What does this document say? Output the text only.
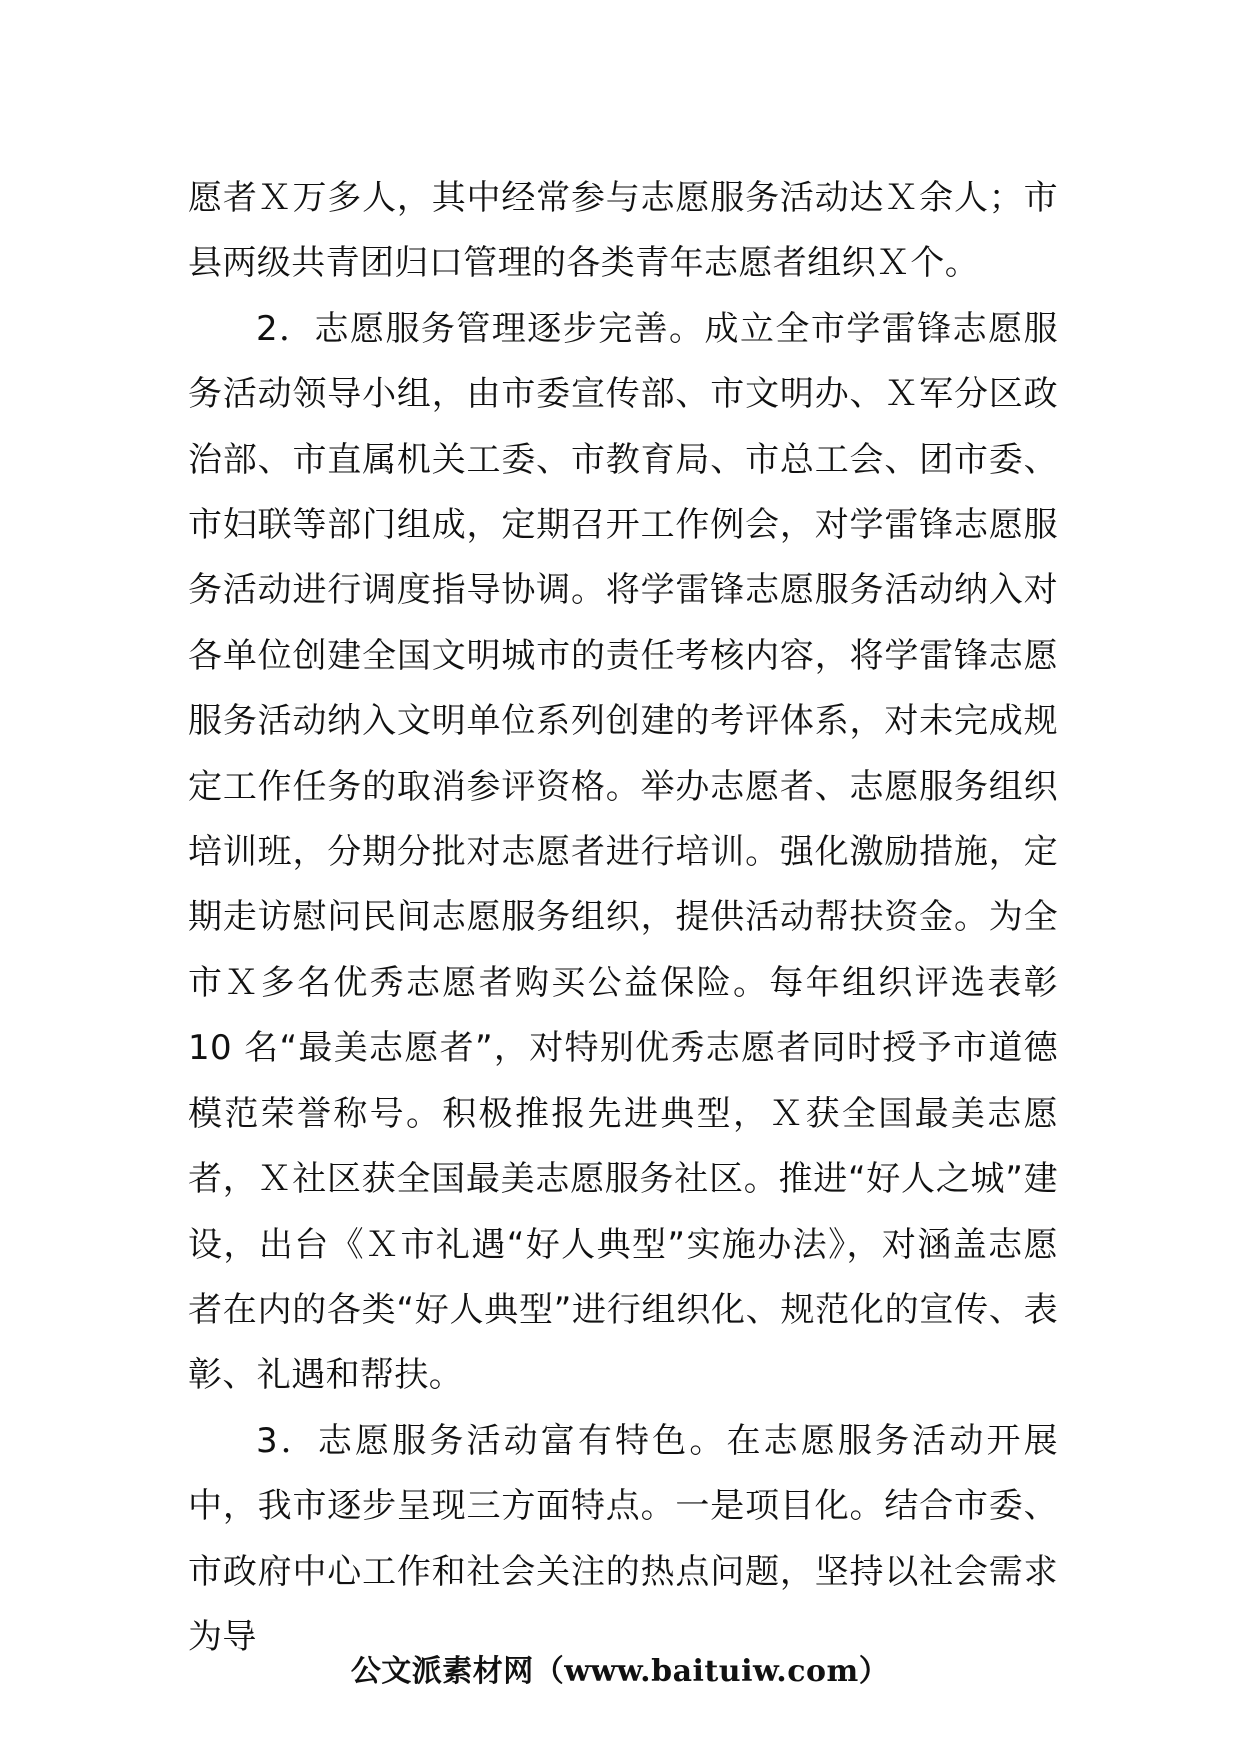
愿者Ｘ万多人，其中经常参与志愿服务活动达Ｘ余人；市县两级共青团归口管理的各类青年志愿者组织Ｘ个。

2．志愿服务管理逐步完善。成立全市学雷锋志愿服务活动领导小组，由市委宣传部、市文明办、Ｘ军分区政治部、市直属机关工委、市教育局、市总工会、团市委、市妇联等部门组成，定期召开工作例会，对学雷锋志愿服务活动进行调度指导协调。将学雷锋志愿服务活动纳入对各单位创建全国文明城市的责任考核内容，将学雷锋志愿服务活动纳入文明单位系列创建的考评体系，对未完成规定工作任务的取消参评资格。举办志愿者、志愿服务组织培训班，分期分批对志愿者进行培训。强化激励措施，定期走访慰问民间志愿服务组织，提供活动帮扶资金。为全市Ｘ多名优秀志愿者购买公益保险。每年组织评选表彰 10 名“最美志愿者”，对特别优秀志愿者同时授予市道德模范荣誉称号。积极推报先进典型，Ｘ获全国最美志愿者，Ｘ社区获全国最美志愿服务社区。推进“好人之城”建设，出台《Ｘ市礼遇“好人典型”实施办法》，对涵盖志愿者在内的各类“好人典型”进行组织化、规范化的宣传、表彰、礼遇和帮扶。

3．志愿服务活动富有特色。在志愿服务活动开展中，我市逐步呈现三方面特点。一是项目化。结合市委、市政府中心工作和社会关注的热点问题，坚持以社会需求为导

公文派素材网（www.baituiw.com）
